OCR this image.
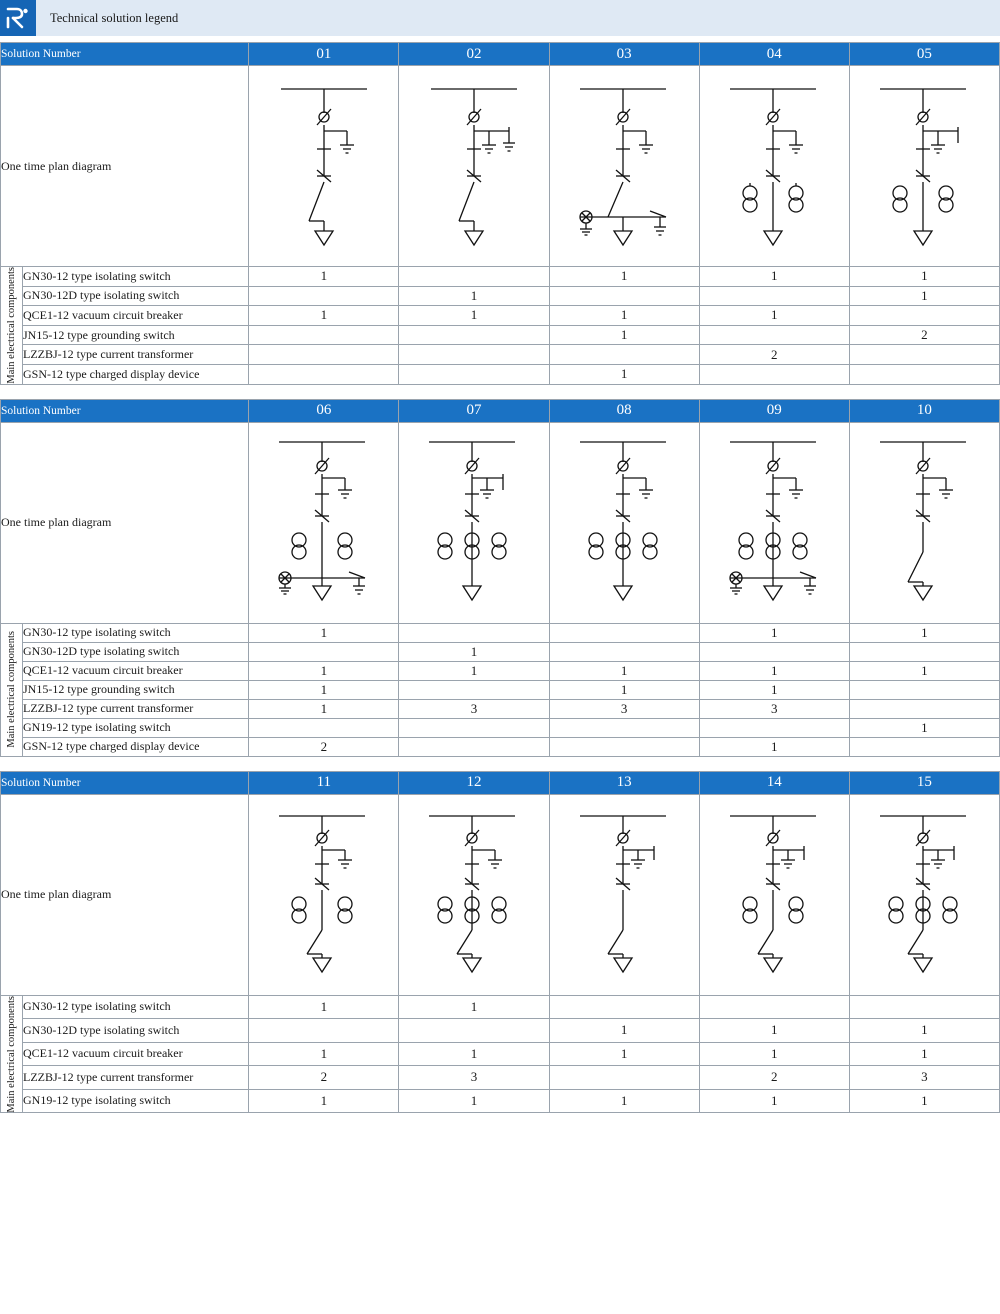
Technical solution legend
Solution Number		01	02	03	04	05
One time plan diagram	

Main electrical components	GN30-12 type isolating switch	1		1	1	1
	GN30-12D type isolating switch		1			1
	QCE1-12 vacuum circuit breaker	1	1	1	1	
	JN15-12 type grounding switch			1		2
	LZZBJ-12 type current transformer				2	
	GSN-12 type charged display device			1		
Solution Number		06	07	08	09	10
One time plan diagram	

Main electrical components	GN30-12 type isolating switch	1			1	1
	GN30-12D type isolating switch		1			
	QCE1-12 vacuum circuit breaker	1	1	1	1	1
	JN15-12 type grounding switch	1		1	1	
	LZZBJ-12 type current transformer	1	3	3	3	
	GN19-12 type isolating switch					1
	GSN-12 type charged display device	2			1	
Solution Number		11	12	13	14	15
One time plan diagram	

Main electrical components	GN30-12 type isolating switch	1	1			
	GN30-12D type isolating switch			1	1	1
	QCE1-12 vacuum circuit breaker	1	1	1	1	1
	LZZBJ-12 type current transformer	2	3		2	3
	GN19-12 type isolating switch	1	1	1	1	1
